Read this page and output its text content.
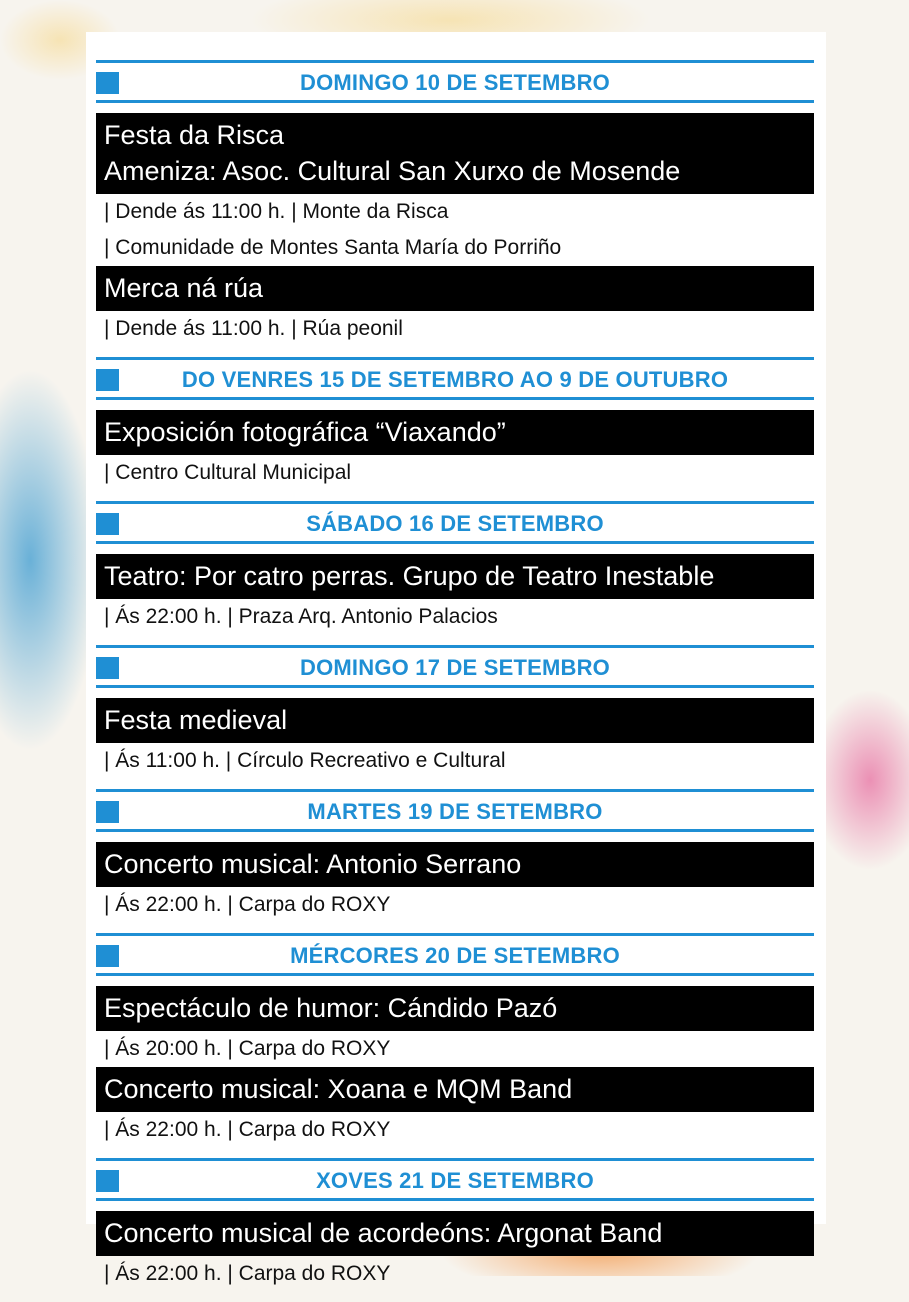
DOMINGO 10 DE SETEMBRO
Festa da Risca
Ameniza: Asoc. Cultural San Xurxo de Mosende
| Dende ás 11:00 h. | Monte da Risca
| Comunidade de Montes Santa María do Porriño
Merca ná rúa
| Dende ás 11:00 h. | Rúa peonil
DO VENRES 15 DE SETEMBRO AO 9 DE OUTUBRO
Exposición fotográfica “Viaxando”
| Centro Cultural Municipal
SÁBADO 16 DE SETEMBRO
Teatro: Por catro perras. Grupo de Teatro Inestable
| Ás 22:00 h. | Praza Arq. Antonio Palacios
DOMINGO 17 DE SETEMBRO
Festa medieval
| Ás 11:00 h. | Círculo Recreativo e Cultural
MARTES 19 DE SETEMBRO
Concerto musical: Antonio Serrano
| Ás 22:00 h. | Carpa do ROXY
MÉRCORES 20 DE SETEMBRO
Espectáculo de humor: Cándido Pazó
| Ás 20:00 h. | Carpa do ROXY
Concerto musical: Xoana e MQM Band
| Ás 22:00 h. | Carpa do ROXY
XOVES 21 DE SETEMBRO
Concerto musical de acordeóns: Argonat Band
| Ás 22:00 h. | Carpa do ROXY
